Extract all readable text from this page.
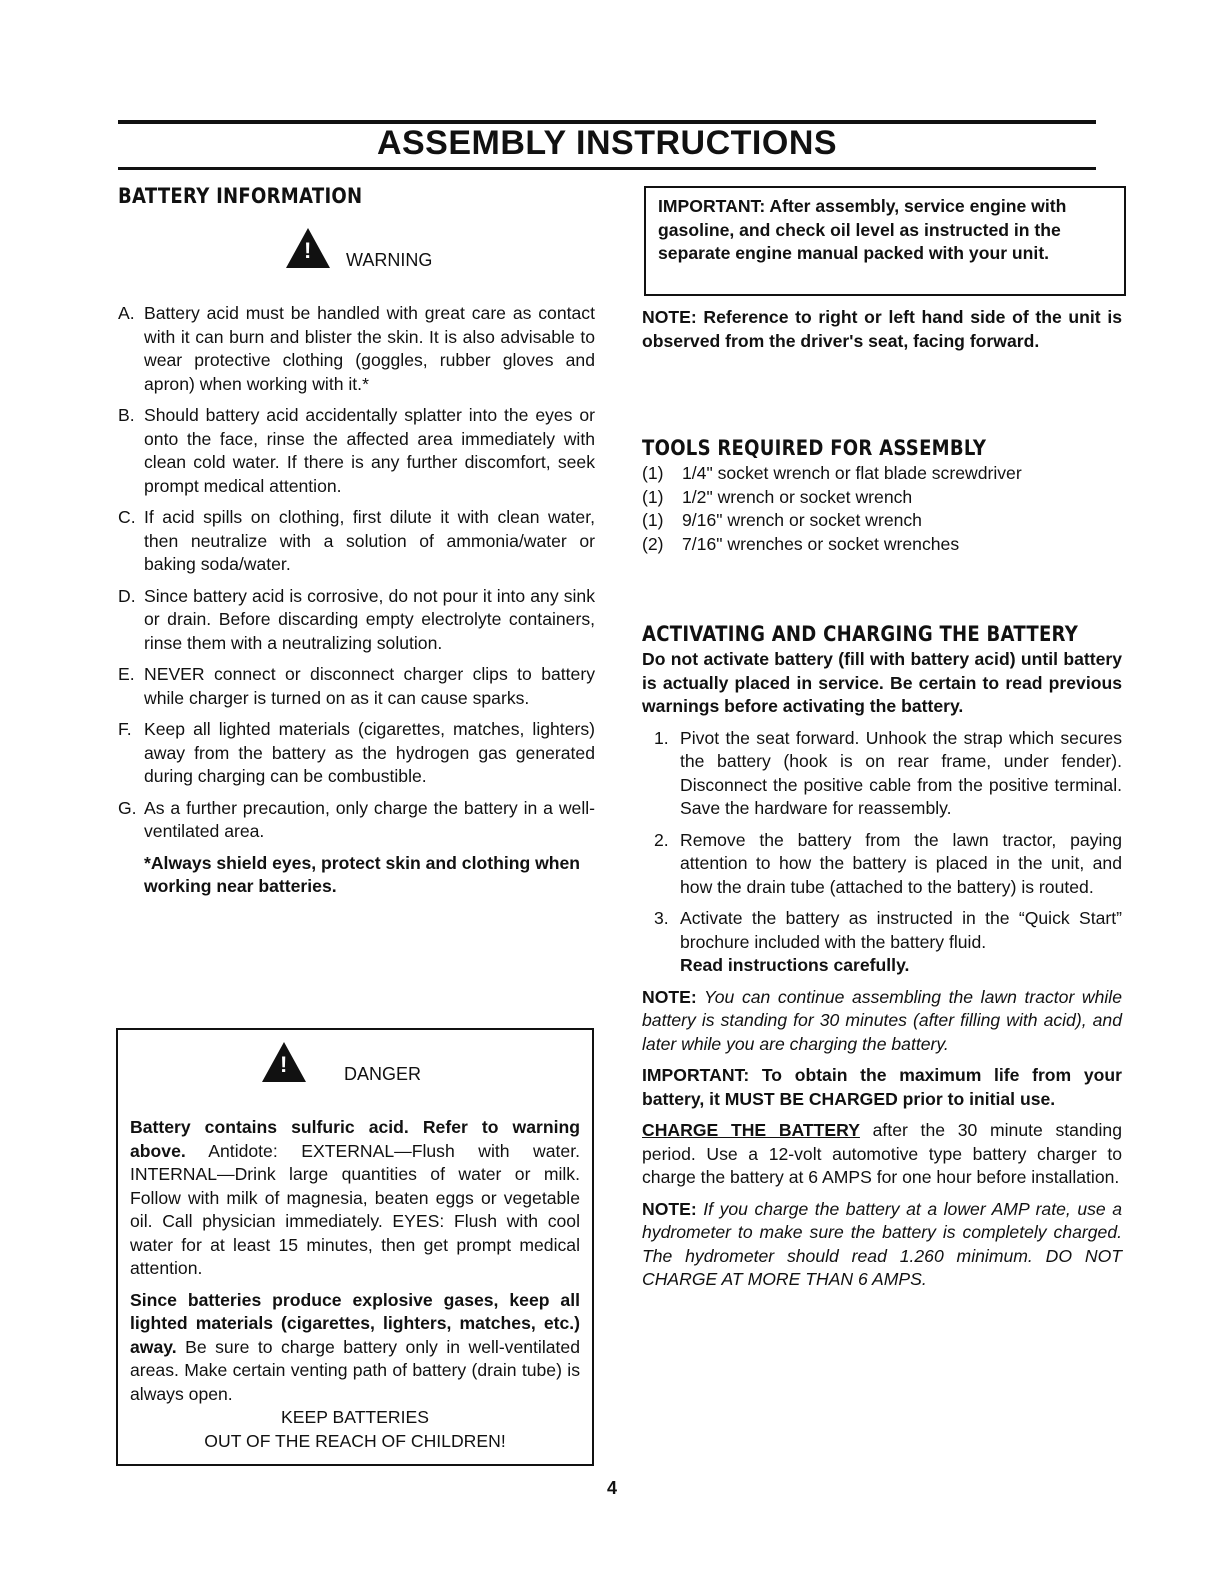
ASSEMBLY INSTRUCTIONS
BATTERY INFORMATION
! WARNING
A. Battery acid must be handled with great care as contact with it can burn and blister the skin. It is also advisable to wear protective clothing (goggles, rubber gloves and apron) when working with it.*
B. Should battery acid accidentally splatter into the eyes or onto the face, rinse the affected area immediately with clean cold water. If there is any further discomfort, seek prompt medical attention.
C. If acid spills on clothing, first dilute it with clean water, then neutralize with a solution of ammonia/water or baking soda/water.
D. Since battery acid is corrosive, do not pour it into any sink or drain. Before discarding empty electrolyte containers, rinse them with a neutralizing solution.
E. NEVER connect or disconnect charger clips to battery while charger is turned on as it can cause sparks.
F. Keep all lighted materials (cigarettes, matches, lighters) away from the battery as the hydrogen gas generated during charging can be combustible.
G. As a further precaution, only charge the battery in a well-ventilated area.
*Always shield eyes, protect skin and clothing when working near batteries.
!	DANGER
Battery contains sulfuric acid. Refer to warning above. Antidote: EXTERNAL—Flush with water. INTERNAL—Drink large quantities of water or milk. Follow with milk of magnesia, beaten eggs or vegetable oil. Call physician immediately. EYES: Flush with cool water for at least 15 minutes, then get prompt medical attention.
Since batteries produce explosive gases, keep all lighted materials (cigarettes, lighters, matches, etc.) away. Be sure to charge battery only in well-ventilated areas. Make certain venting path of battery (drain tube) is always open.
KEEP BATTERIES
OUT OF THE REACH OF CHILDREN!
IMPORTANT: After assembly, service engine with gasoline, and check oil level as instructed in the separate engine manual packed with your unit.
NOTE: Reference to right or left hand side of the unit is observed from the driver's seat, facing forward.
TOOLS REQUIRED FOR ASSEMBLY
(1) 1/4" socket wrench or flat blade screwdriver
(1) 1/2" wrench or socket wrench
(1) 9/16" wrench or socket wrench
(2) 7/16" wrenches or socket wrenches
ACTIVATING AND CHARGING THE BATTERY
Do not activate battery (fill with battery acid) until battery is actually placed in service. Be certain to read previous warnings before activating the battery.
1. Pivot the seat forward. Unhook the strap which secures the battery (hook is on rear frame, under fender). Disconnect the positive cable from the positive terminal. Save the hardware for reassembly.
2. Remove the battery from the lawn tractor, paying attention to how the battery is placed in the unit, and how the drain tube (attached to the battery) is routed.
3. Activate the battery as instructed in the “Quick Start” brochure included with the battery fluid.
Read instructions carefully.
NOTE: You can continue assembling the lawn tractor while battery is standing for 30 minutes (after filling with acid), and later while you are charging the battery.
IMPORTANT: To obtain the maximum life from your battery, it MUST BE CHARGED prior to initial use.
CHARGE THE BATTERY after the 30 minute standing period. Use a 12-volt automotive type battery charger to charge the battery at 6 AMPS for one hour before installation.
NOTE: If you charge the battery at a lower AMP rate, use a hydrometer to make sure the battery is completely charged. The hydrometer should read 1.260 minimum. DO NOT CHARGE AT MORE THAN 6 AMPS.
4
